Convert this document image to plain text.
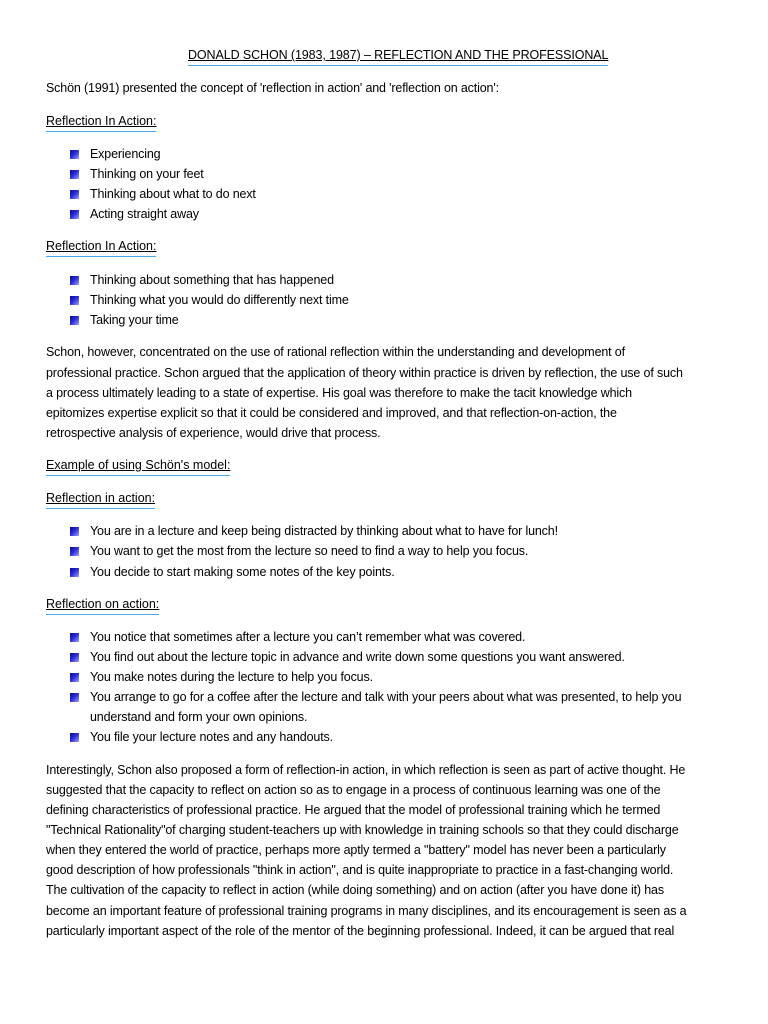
DONALD SCHON (1983, 1987) – REFLECTION AND THE PROFESSIONAL
Schön (1991) presented the concept of 'reflection in action' and 'reflection on action':
Reflection In Action:
Experiencing
Thinking on your feet
Thinking about what to do next
Acting straight away
Reflection In Action:
Thinking about something that has happened
Thinking what you would do differently next time
Taking your time
Schon, however, concentrated on the use of rational reflection within the understanding and development of
professional practice. Schon argued that the application of theory within practice is driven by reflection, the use of such
a process ultimately leading to a state of expertise. His goal was therefore to make the tacit knowledge which
epitomizes expertise explicit so that it could be considered and improved, and that reflection-on-action, the
retrospective analysis of experience, would drive that process.
Example of using Schön's model:
Reflection in action:
You are in a lecture and keep being distracted by thinking about what to have for lunch!
You want to get the most from the lecture so need to find a way to help you focus.
You decide to start making some notes of the key points.
Reflection on action:
You notice that sometimes after a lecture you can’t remember what was covered.
You find out about the lecture topic in advance and write down some questions you want answered.
You make notes during the lecture to help you focus.
You arrange to go for a coffee after the lecture and talk with your peers about what was presented, to help you
understand and form your own opinions.
You file your lecture notes and any handouts.
Interestingly, Schon also proposed a form of reflection-in action, in which reflection is seen as part of active thought. He
suggested that the capacity to reflect on action so as to engage in a process of continuous learning was one of the
defining characteristics of professional practice. He argued that the model of professional training which he termed
"Technical Rationality"of charging student-teachers up with knowledge in training schools so that they could discharge
when they entered the world of practice, perhaps more aptly termed a "battery" model has never been a particularly
good description of how professionals "think in action", and is quite inappropriate to practice in a fast-changing world.
The cultivation of the capacity to reflect in action (while doing something) and on action (after you have done it) has
become an important feature of professional training programs in many disciplines, and its encouragement is seen as a
particularly important aspect of the role of the mentor of the beginning professional. Indeed, it can be argued that real
